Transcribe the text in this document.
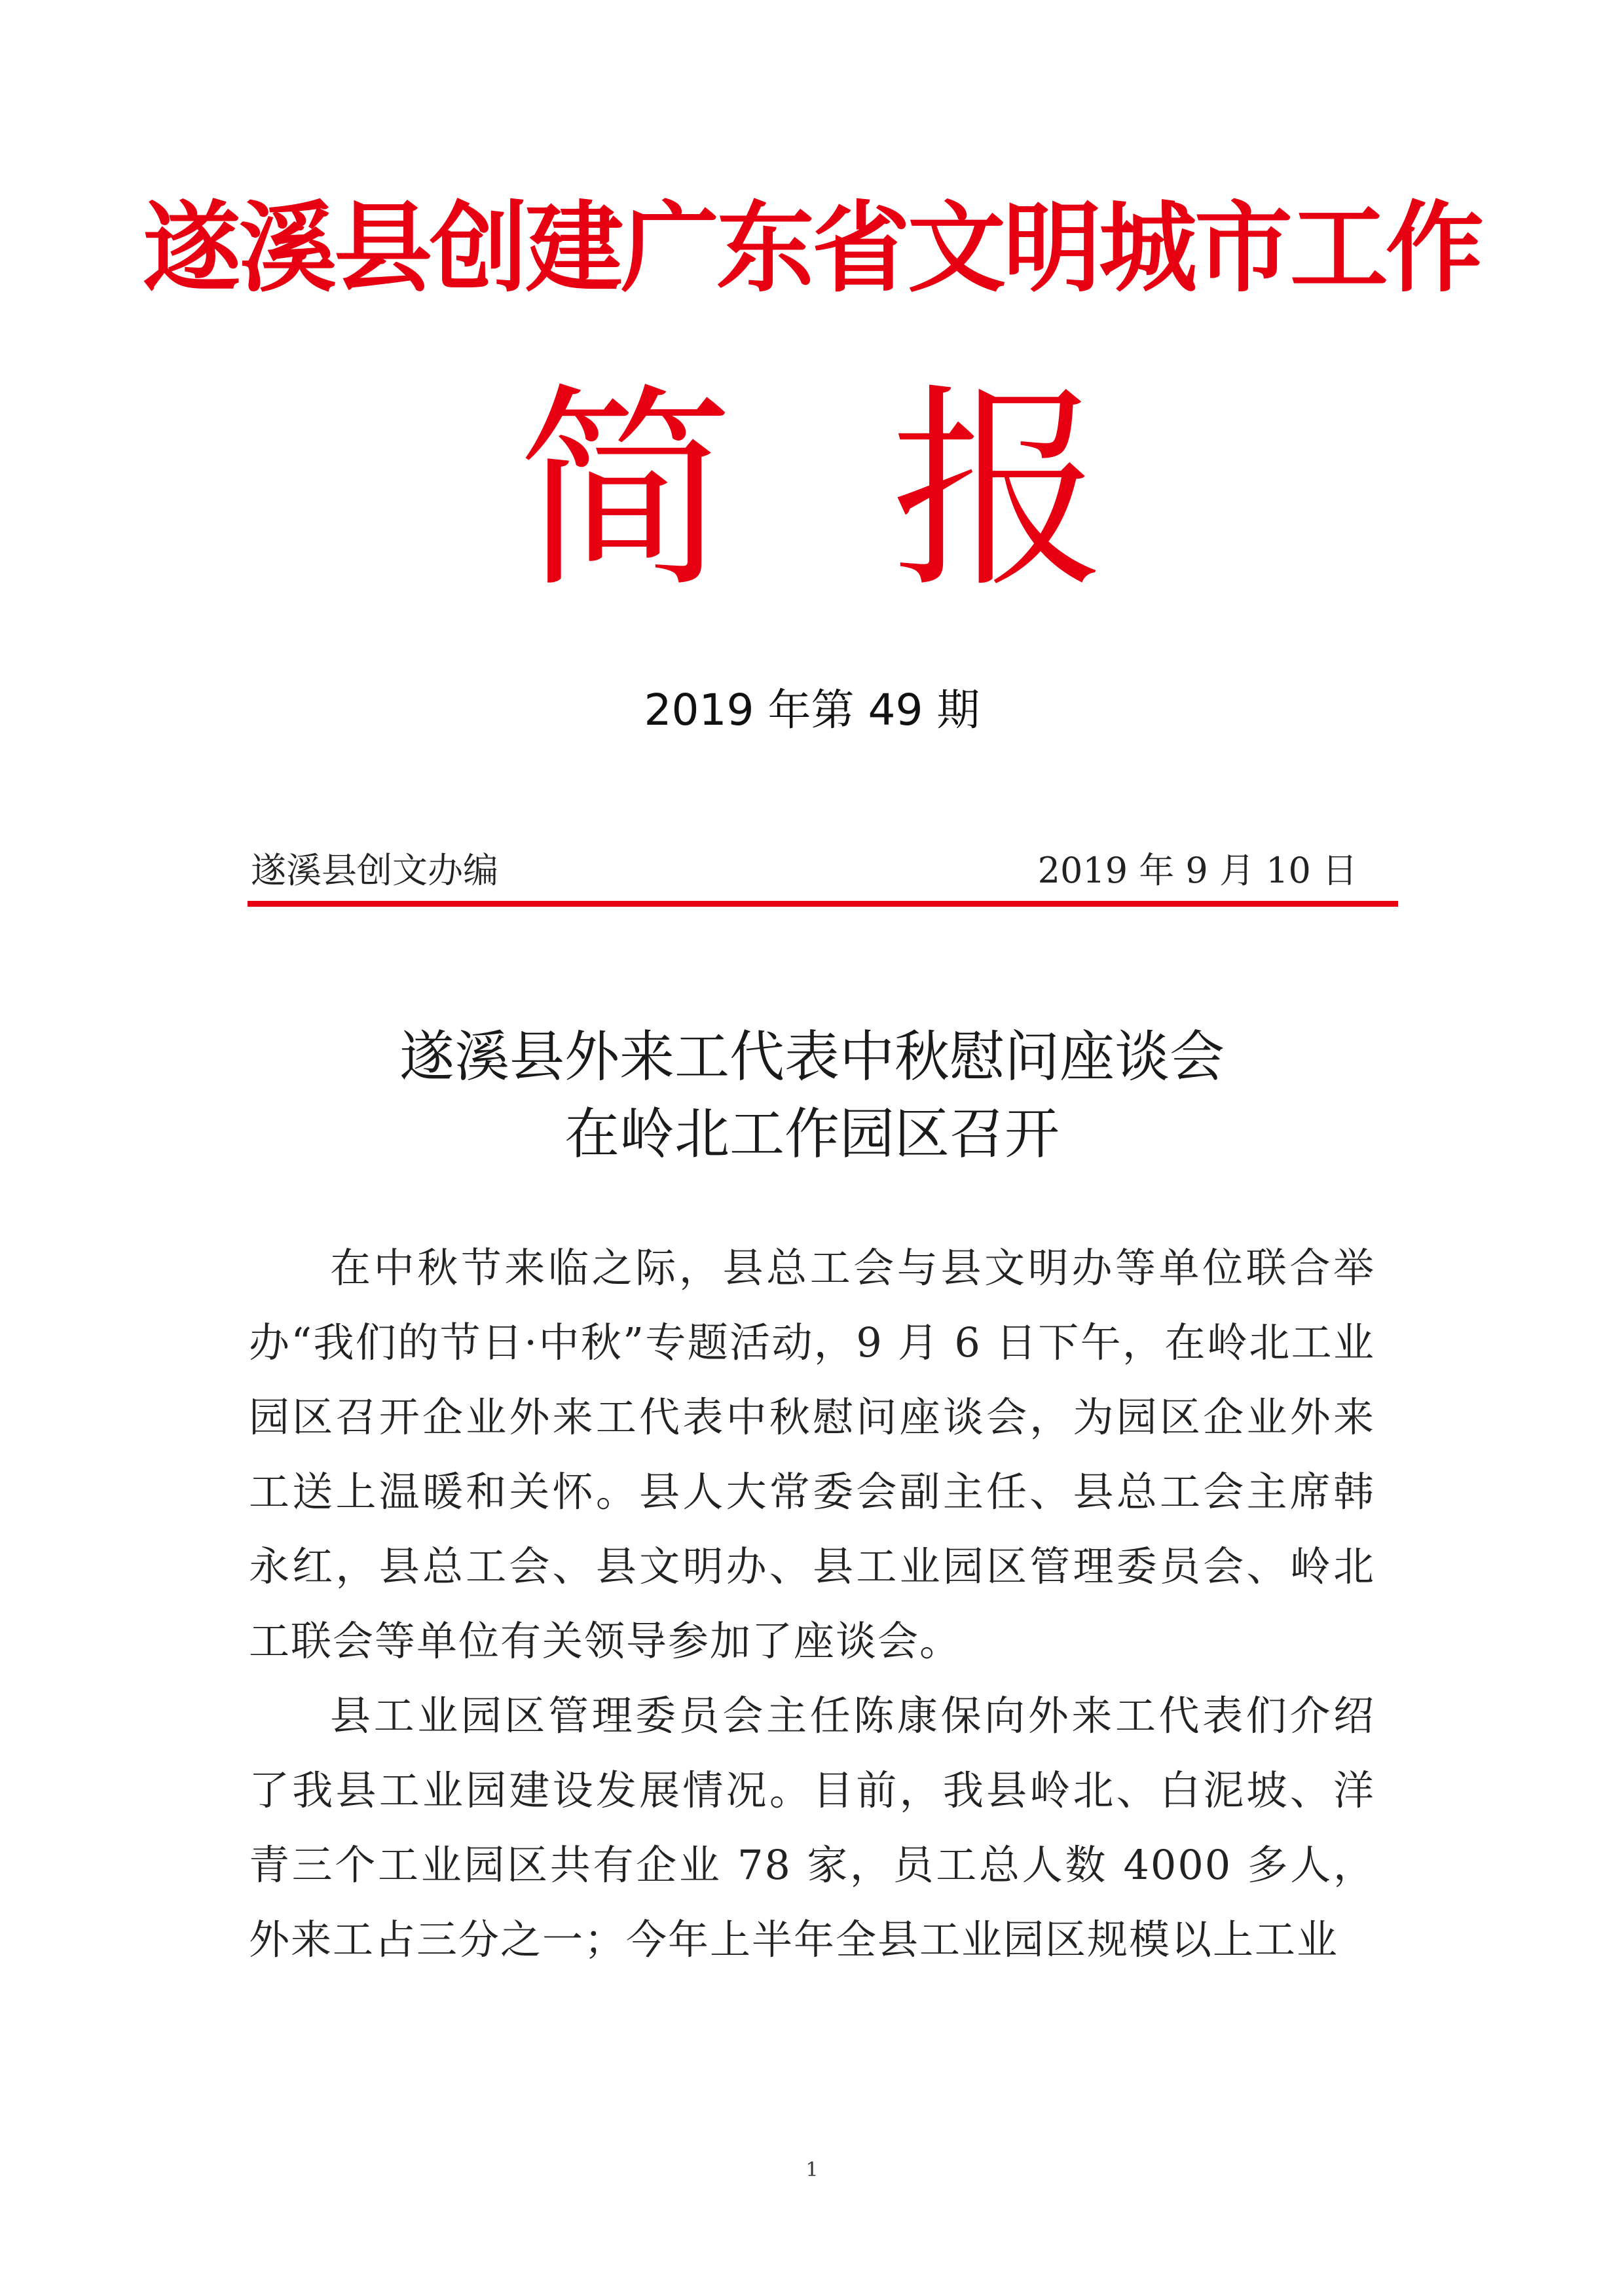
遂溪县创建广东省文明城市工作
简 报
2019 年第 49 期
遂溪县创文办编	2019 年 9 月 10 日
遂溪县外来工代表中秋慰问座谈会
在岭北工作园区召开

在中秋节来临之际，县总工会与县文明办等单位联合举办“我们的节日·中秋”专题活动，9 月 6 日下午，在岭北工业园区召开企业外来工代表中秋慰问座谈会，为园区企业外来工送上温暖和关怀。县人大常委会副主任、县总工会主席韩永红，县总工会、县文明办、县工业园区管理委员会、岭北工联会等单位有关领导参加了座谈会。

县工业园区管理委员会主任陈康保向外来工代表们介绍了我县工业园建设发展情况。目前，我县岭北、白泥坡、洋青三个工业园区共有企业 78 家，员工总人数 4000 多人，外来工占三分之一；今年上半年全县工业园区规模以上工业

1
